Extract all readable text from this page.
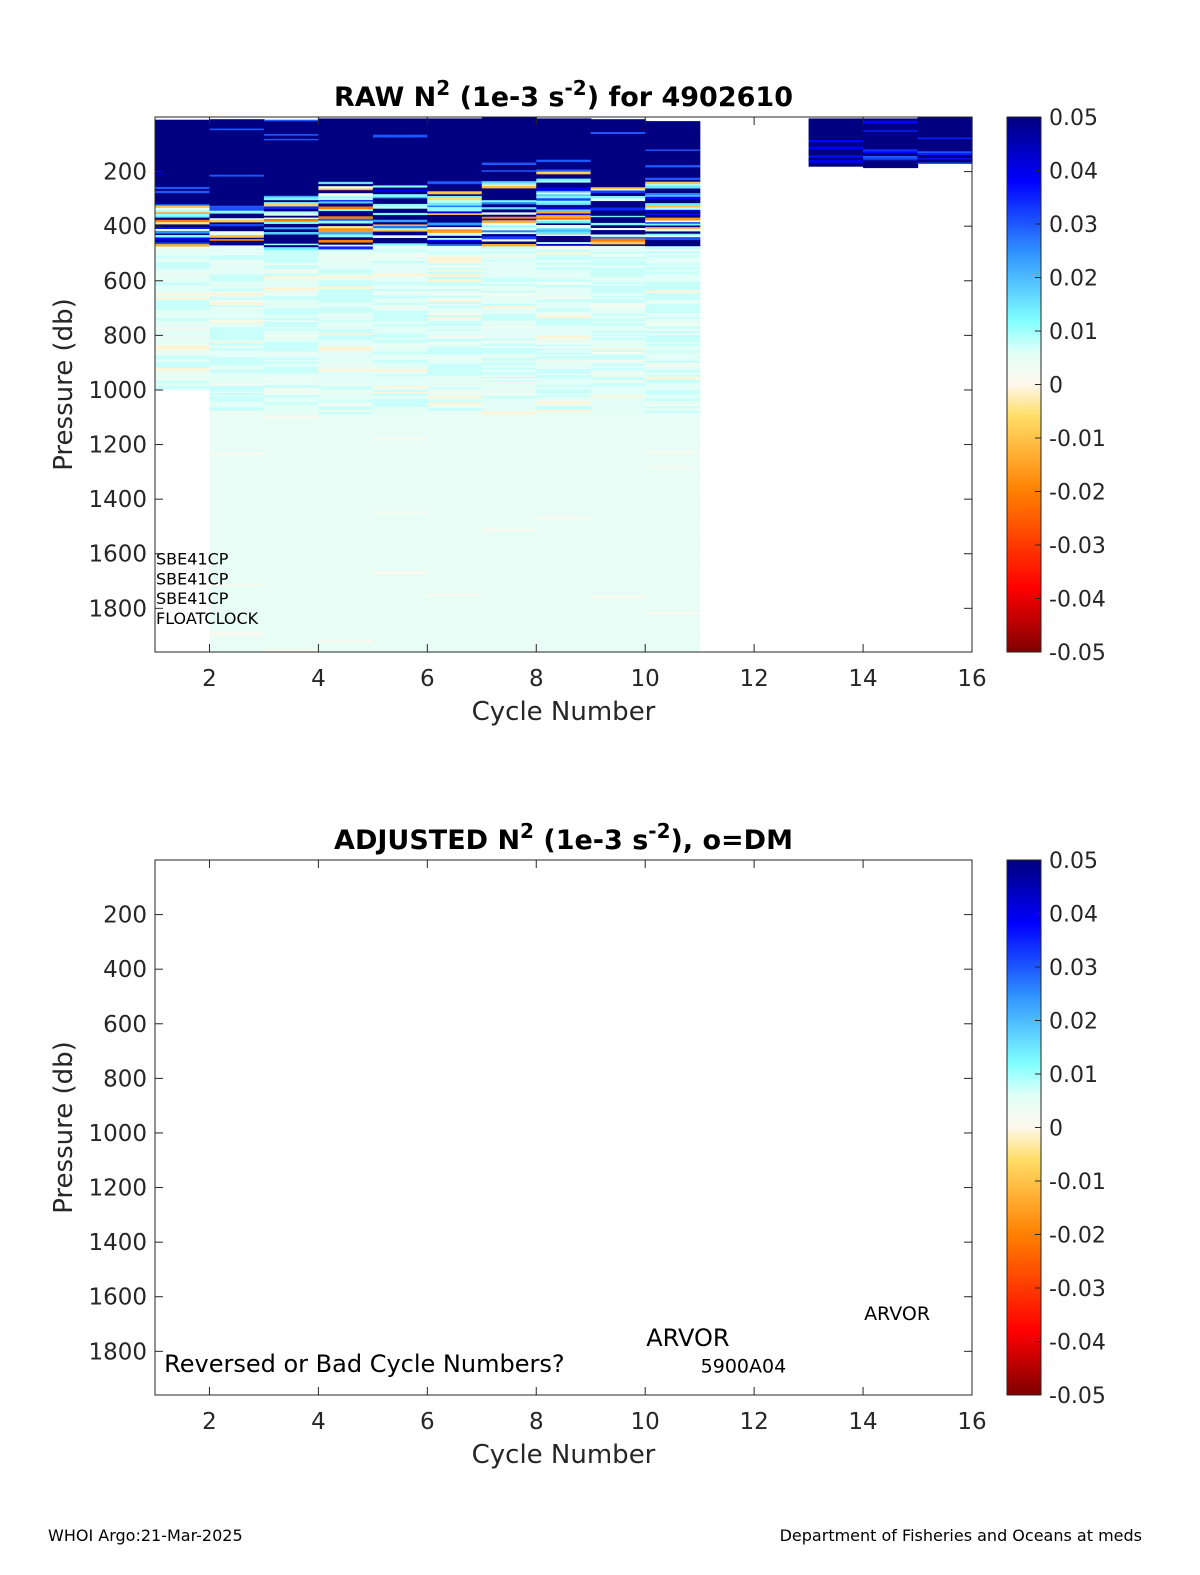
2	4	6	8	10	12	14	16
200
400
600
800
1000
1200
1400
1600
1800
Cycle Number
Pressure (db)
RAW $N^2$ (1e-3 $s^{-2}$) for 4902610
SBE41CP
SBE41CP
SBE41CP
FLOATCLOCK
0.05
0.04
0.03
0.02
0.01
0
-0.01
-0.02
-0.03
-0.04
-0.05
2	4	6	8	10	12	14	16
200
400
600
800
1000
1200
1400
1600
1800
Cycle Number
Pressure (db)
ADJUSTED $N^2$ (1e-3 $s^{-2}$), o=DM
Reversed or Bad Cycle Numbers?
ARVOR
5900A04
ARVOR
0.05
0.04
0.03
0.02
0.01
0
-0.01
-0.02
-0.03
-0.04
-0.05
WHOI Argo:21-Mar-2025	Department of Fisheries and Oceans at meds
